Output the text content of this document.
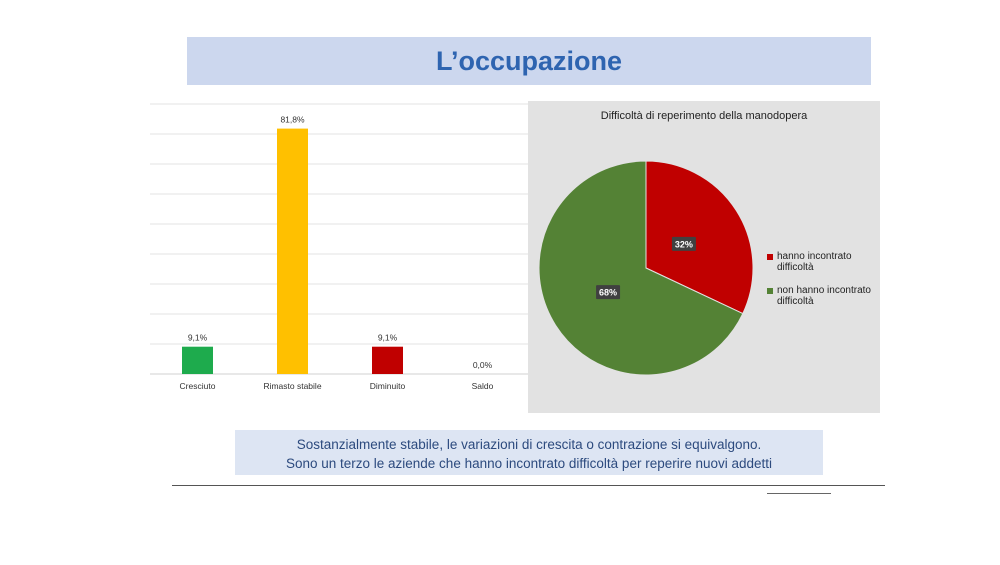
L’occupazione
9,1%
Cresciuto
81,8%
Rimasto stabile
9,1%
Diminuito
0,0%
Saldo
Difficoltà di reperimento della manodopera
32%
68%
hanno incontrato difficoltà
non hanno incontrato difficoltà
Sostanzialmente stabile, le variazioni di crescita o contrazione si equivalgono.
Sono un terzo le aziende che hanno incontrato difficoltà per reperire nuovi addetti
